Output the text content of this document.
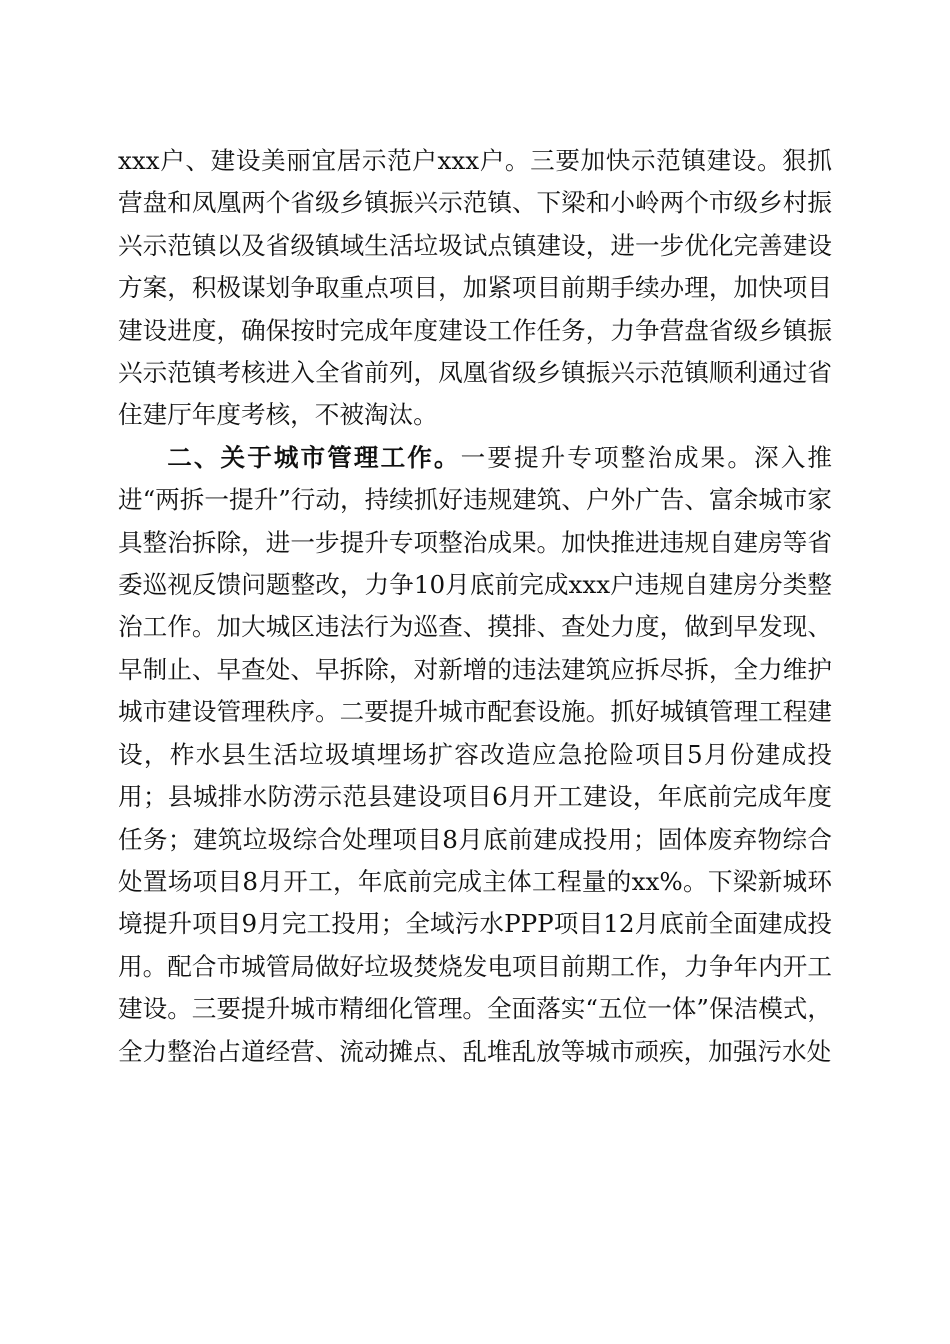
xxx户、建设美丽宜居示范户xxx户。三要加快示范镇建设。狠抓营盘和凤凰两个省级乡镇振兴示范镇、下梁和小岭两个市级乡村振兴示范镇以及省级镇域生活垃圾试点镇建设，进一步优化完善建设方案，积极谋划争取重点项目，加紧项目前期手续办理，加快项目建设进度，确保按时完成年度建设工作任务，力争营盘省级乡镇振兴示范镇考核进入全省前列，凤凰省级乡镇振兴示范镇顺利通过省住建厅年度考核，不被淘汰。

二、关于城市管理工作。一要提升专项整治成果。深入推进“两拆一提升”行动，持续抓好违规建筑、户外广告、富余城市家具整治拆除，进一步提升专项整治成果。加快推进违规自建房等省委巡视反馈问题整改，力争10月底前完成xxx户违规自建房分类整治工作。加大城区违法行为巡查、摸排、查处力度，做到早发现、早制止、早查处、早拆除，对新增的违法建筑应拆尽拆，全力维护城市建设管理秩序。二要提升城市配套设施。抓好城镇管理工程建设，柞水县生活垃圾填埋场扩容改造应急抢险项目5月份建成投用；县城排水防涝示范县建设项目6月开工建设，年底前完成年度任务；建筑垃圾综合处理项目8月底前建成投用；固体废弃物综合处置场项目8月开工，年底前完成主体工程量的xx%。下梁新城环境提升项目9月完工投用；全域污水PPP项目12月底前全面建成投用。配合市城管局做好垃圾焚烧发电项目前期工作，力争年内开工建设。三要提升城市精细化管理。全面落实“五位一体”保洁模式，全力整治占道经营、流动摊点、乱堆乱放等城市顽疾，加强污水处
